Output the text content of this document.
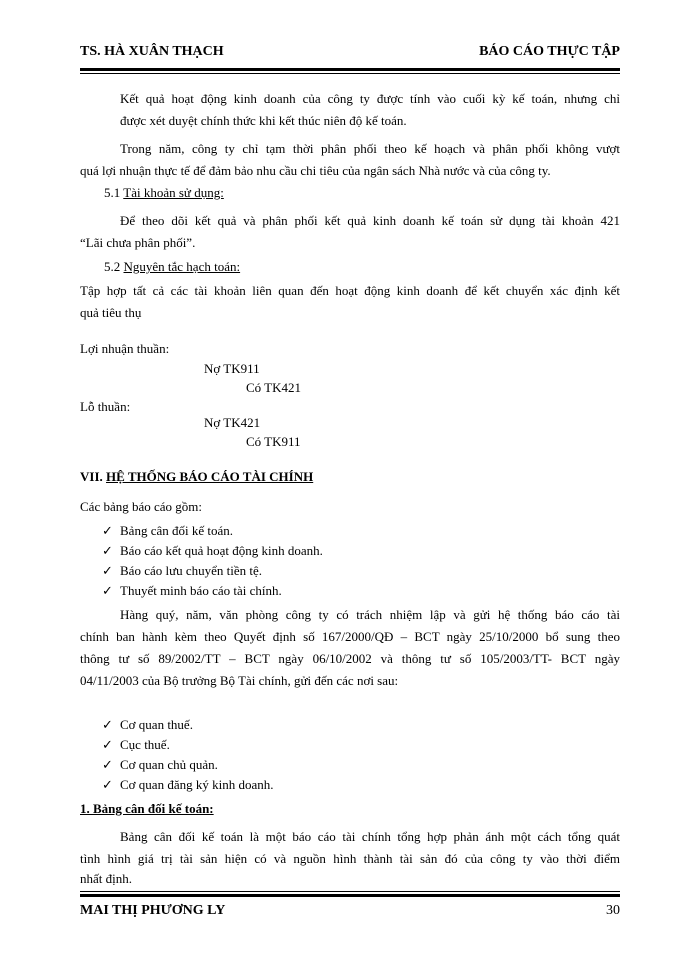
TS. HÀ XUÂN THẠCH	BÁO CÁO THỰC TẬP
Kết quả hoạt động kinh doanh của công ty được tính vào cuối kỳ kế toán, nhưng chỉ
được xét duyệt chính thức khi kết thúc niên độ kế toán.
Trong năm, công ty chỉ tạm thời phân phối theo kế hoạch và phân phối không vượt
quá lợi nhuận thực tế để đảm bảo nhu cầu chi tiêu của ngân sách Nhà nước và của công ty.
5.1 Tài khoản sử dụng:
Để theo dõi kết quả và phân phối kết quả kinh doanh kế toán sử dụng tài khoản 421
“Lãi chưa phân phối”.
5.2 Nguyên tắc hạch toán:
Tập hợp tất cả các tài khoản liên quan đến hoạt động kinh doanh để kết chuyển xác định kết
quả tiêu thụ
Lợi nhuận thuần:
Nợ TK911
Có TK421
Lỗ thuần:
Nợ TK421
Có TK911
VII. HỆ THỐNG BÁO CÁO TÀI CHÍNH
Các bảng báo cáo gồm:
✓ Bảng cân đối kế toán.
✓ Báo cáo kết quả hoạt động kinh doanh.
✓ Báo cáo lưu chuyển tiền tệ.
✓ Thuyết minh báo cáo tài chính.
Hàng quý, năm, văn phòng công ty có trách nhiệm lập và gửi hệ thống báo cáo tài
chính ban hành kèm theo Quyết định số 167/2000/QĐ – BCT ngày 25/10/2000 bổ sung theo
thông tư số 89/2002/TT – BCT ngày 06/10/2002 và thông tư số 105/2003/TT- BCT ngày
04/11/2003 của Bộ trưởng Bộ Tài chính, gửi đến các nơi sau:
✓ Cơ quan thuế.
✓ Cục thuế.
✓ Cơ quan chủ quản.
✓ Cơ quan đăng ký kinh doanh.
1. Bảng cân đối kế toán:
Bảng cân đối kế toán là một báo cáo tài chính tổng hợp phản ánh một cách tổng quát
tình hình giá trị tài sản hiện có và nguồn hình thành tài sản đó của công ty vào thời điểm
nhất định.
MAI THỊ PHƯƠNG LY	30
